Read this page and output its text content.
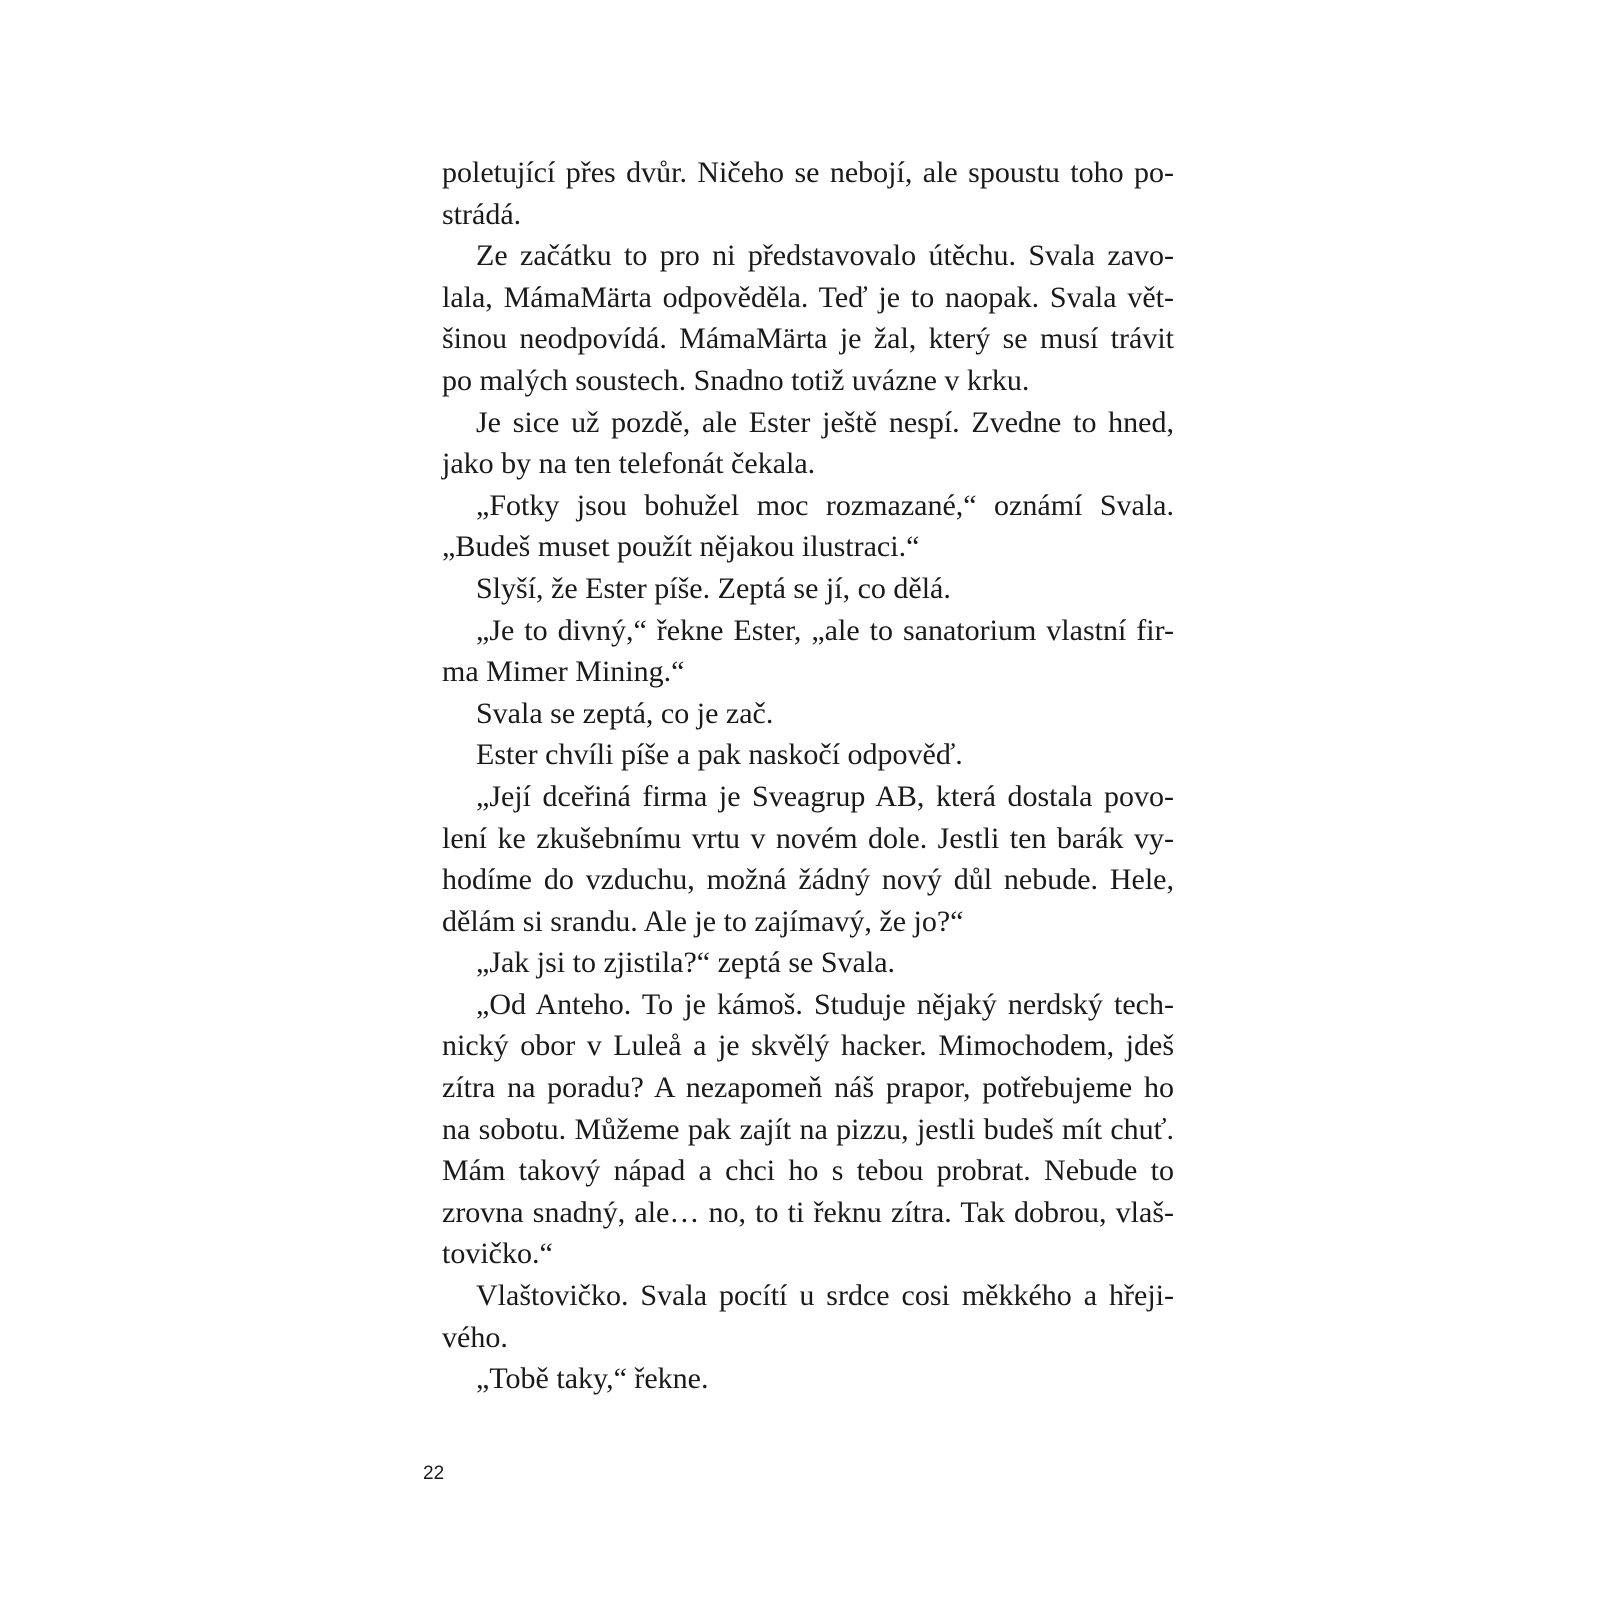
poletující přes dvůr. Ničeho se nebojí, ale spoustu toho po-
strádá.
Ze začátku to pro ni představovalo útěchu. Svala zavo-
lala, MámaMärta odpověděla. Teď je to naopak. Svala vět-
šinou neodpovídá. MámaMärta je žal, který se musí trávit
po malých soustech. Snadno totiž uvázne v krku.
Je sice už pozdě, ale Ester ještě nespí. Zvedne to hned,
jako by na ten telefonát čekala.
„Fotky jsou bohužel moc rozmazané,“ oznámí Svala.
„Budeš muset použít nějakou ilustraci.“
Slyší, že Ester píše. Zeptá se jí, co dělá.
„Je to divný,“ řekne Ester, „ale to sanatorium vlastní fir-
ma Mimer Mining.“
Svala se zeptá, co je zač.
Ester chvíli píše a pak naskočí odpověď.
„Její dceřiná firma je Sveagrup AB, která dostala povo-
lení ke zkušebnímu vrtu v novém dole. Jestli ten barák vy-
hodíme do vzduchu, možná žádný nový důl nebude. Hele,
dělám si srandu. Ale je to zajímavý, že jo?“
„Jak jsi to zjistila?“ zeptá se Svala.
„Od Anteho. To je kámoš. Studuje nějaký nerdský tech-
nický obor v Luleå a je skvělý hacker. Mimochodem, jdeš
zítra na poradu? A nezapomeň náš prapor, potřebujeme ho
na sobotu. Můžeme pak zajít na pizzu, jestli budeš mít chuť.
Mám takový nápad a chci ho s tebou probrat. Nebude to
zrovna snadný, ale… no, to ti řeknu zítra. Tak dobrou, vlaš-
tovičko.“
Vlaštovičko. Svala pocítí u srdce cosi měkkého a hřeji-
vého.
„Tobě taky,“ řekne.
22
